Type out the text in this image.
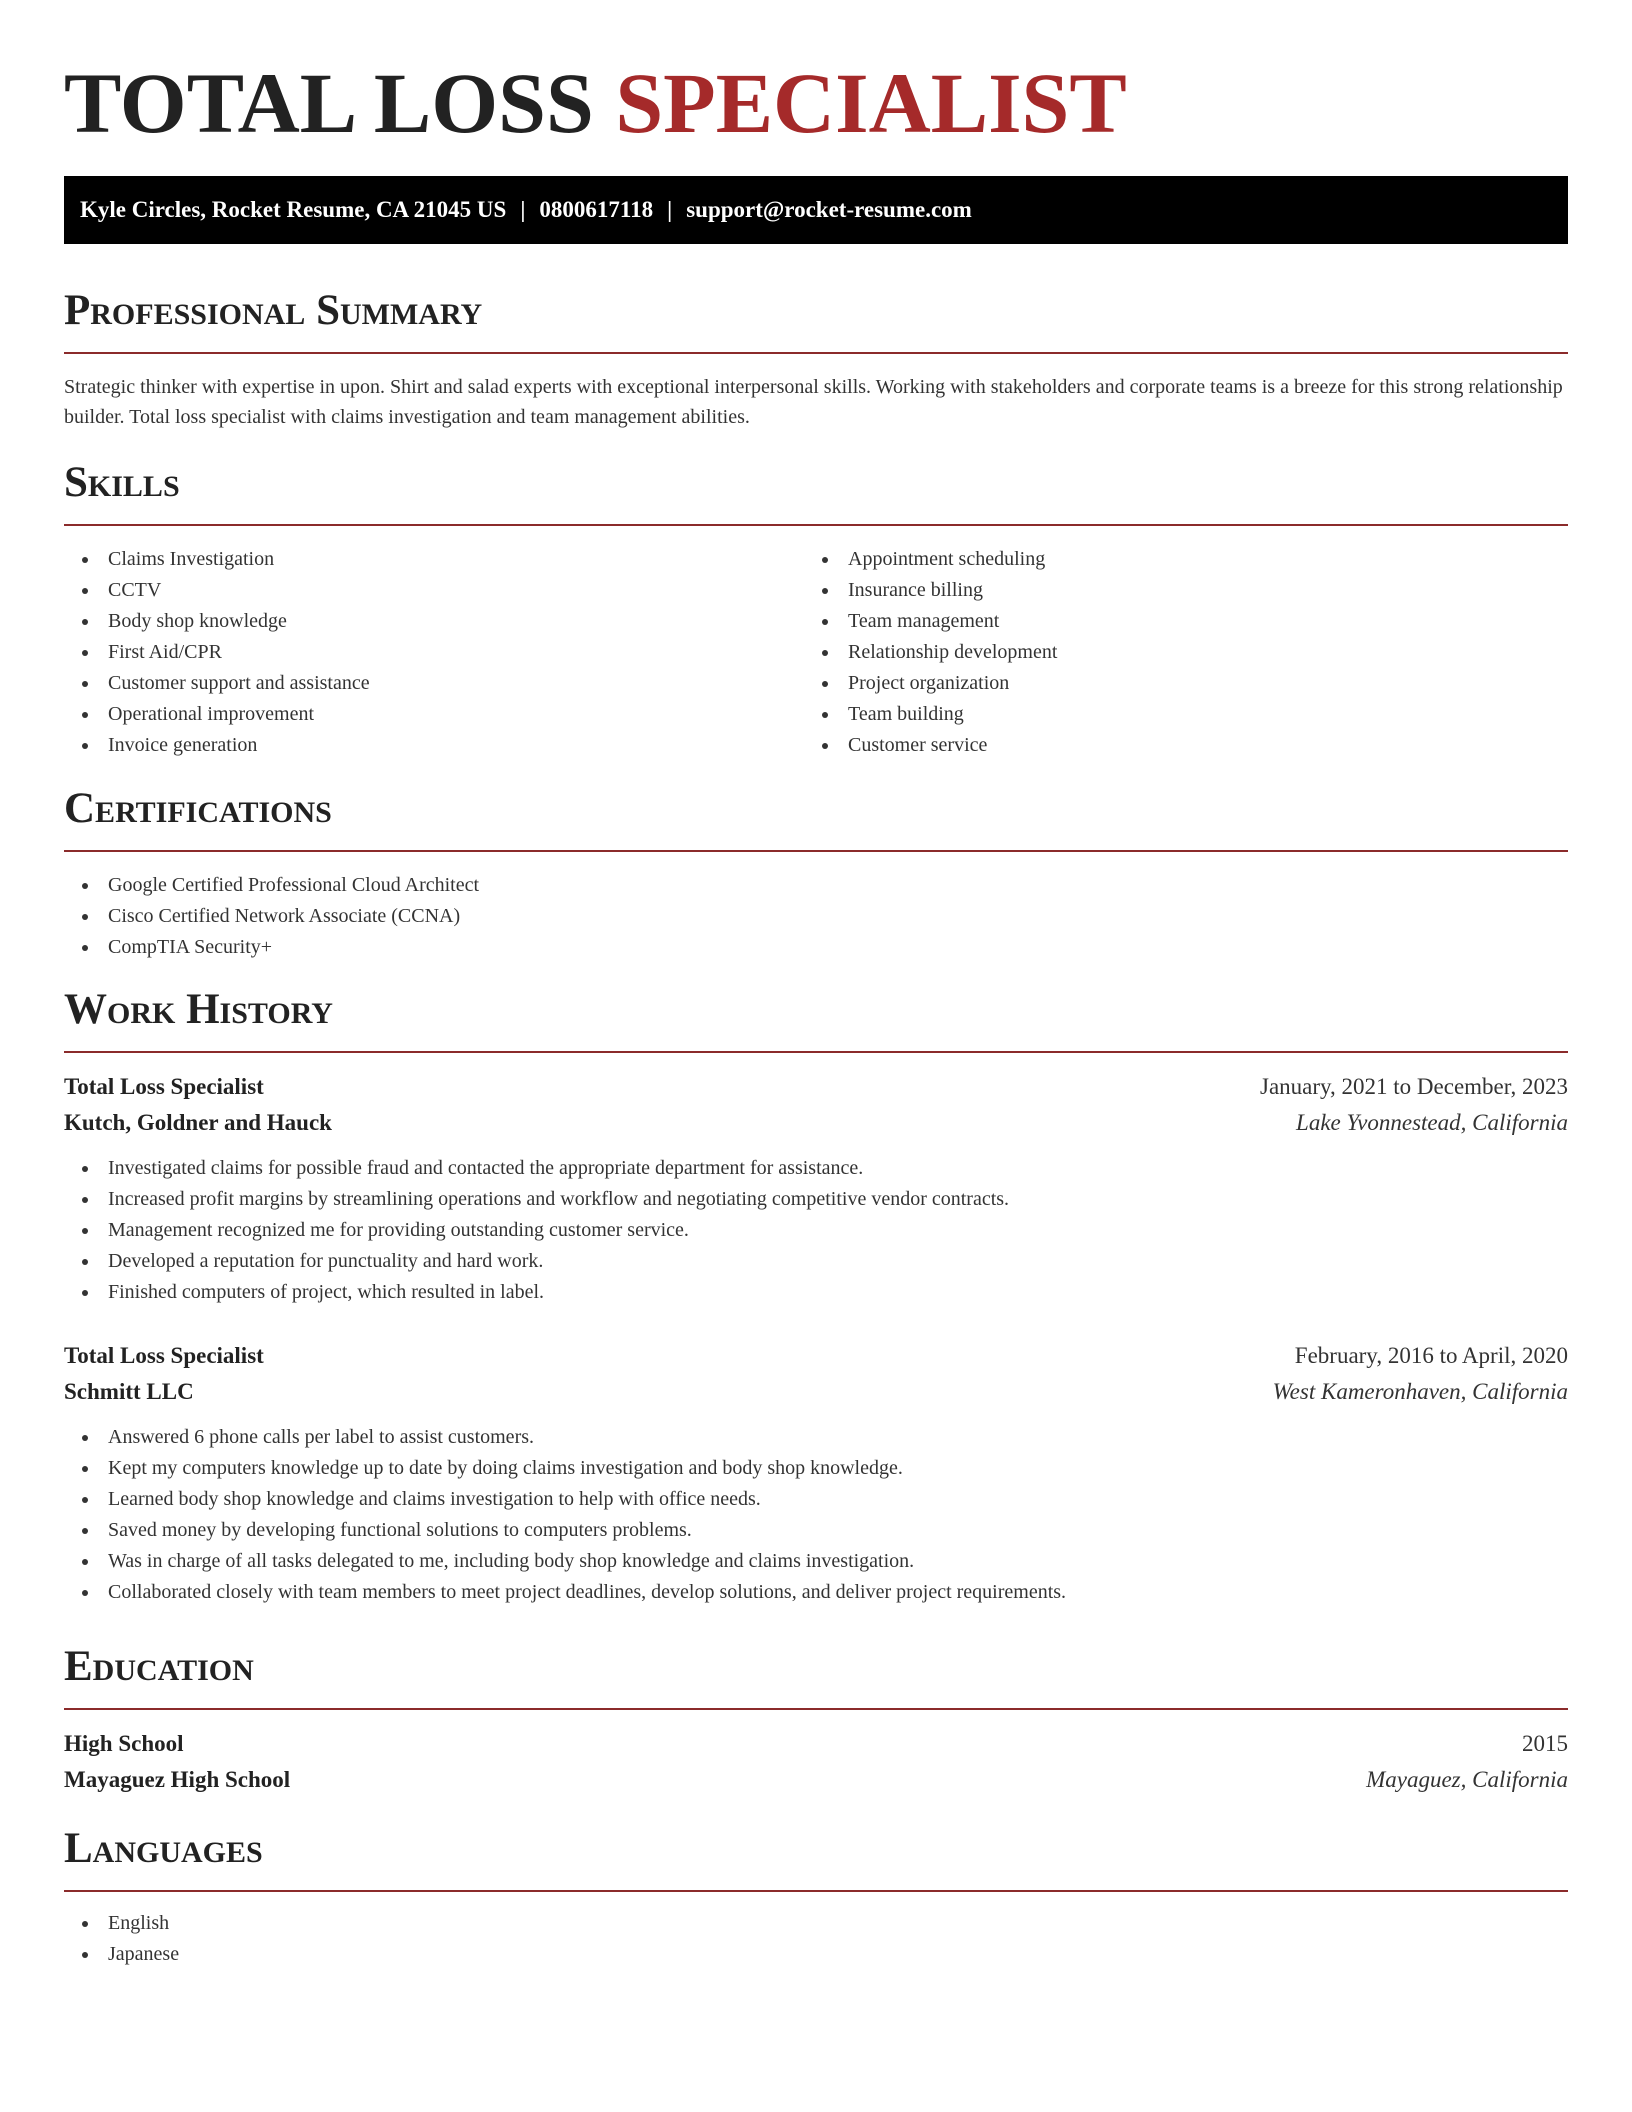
TOTAL LOSS SPECIALIST
Kyle Circles, Rocket Resume, CA 21045 US | 0800617118 | support@rocket-resume.com
Professional Summary

Strategic thinker with expertise in upon. Shirt and salad experts with exceptional interpersonal skills. Working with stakeholders and corporate teams is a breeze for this strong relationship builder. Total loss specialist with claims investigation and team management abilities.

Skills
Claims Investigation
CCTV
Body shop knowledge
First Aid/CPR
Customer support and assistance
Operational improvement
Invoice generation
Appointment scheduling
Insurance billing
Team management
Relationship development
Project organization
Team building
Customer service
Certifications
Google Certified Professional Cloud Architect
Cisco Certified Network Associate (CCNA)
CompTIA Security+
Work History
Total Loss Specialist	January, 2021 to December, 2023
Kutch, Goldner and Hauck	Lake Yvonnestead, California
Investigated claims for possible fraud and contacted the appropriate department for assistance.
Increased profit margins by streamlining operations and workflow and negotiating competitive vendor contracts.
Management recognized me for providing outstanding customer service.
Developed a reputation for punctuality and hard work.
Finished computers of project, which resulted in label.
Total Loss Specialist	February, 2016 to April, 2020
Schmitt LLC	West Kameronhaven, California
Answered 6 phone calls per label to assist customers.
Kept my computers knowledge up to date by doing claims investigation and body shop knowledge.
Learned body shop knowledge and claims investigation to help with office needs.
Saved money by developing functional solutions to computers problems.
Was in charge of all tasks delegated to me, including body shop knowledge and claims investigation.
Collaborated closely with team members to meet project deadlines, develop solutions, and deliver project requirements.
Education
High School	2015
Mayaguez High School	Mayaguez, California
Languages
English
Japanese
